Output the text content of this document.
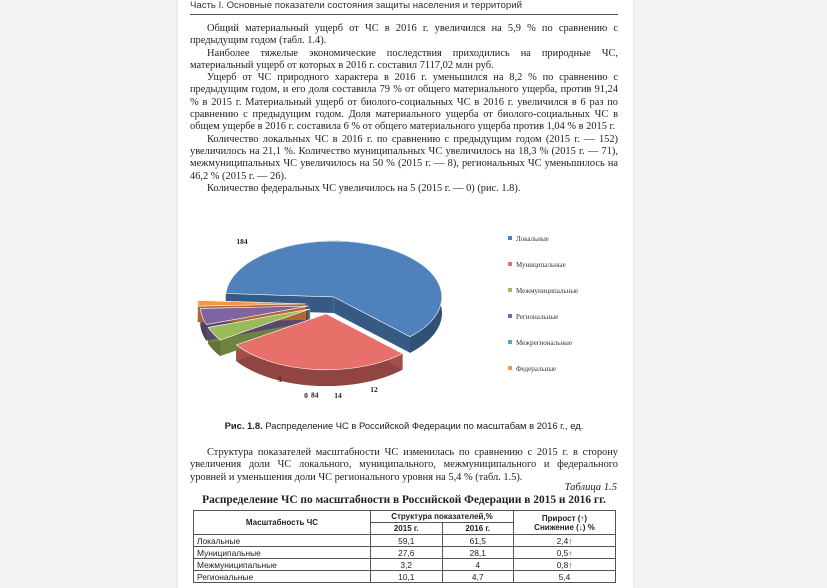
Часть I. Основные показатели состояния защиты населения и территорий

Общий материальный ущерб от ЧС в 2016 г. увеличился на 5,9 % по сравнению с предыдущим годом (табл. 1.4).

Наиболее тяжелые экономические последствия приходились на природные ЧС, материальный ущерб от которых в 2016 г. составил 7117,02 млн руб.

Ущерб от ЧС природного характера в 2016 г. уменьшился на 8,2 % по сравнению с предыдущим годом, и его доля составила 79 % от общего материального ущерба, против 91,24 % в 2015 г. Материальный ущерб от биолого-социальных ЧС в 2016 г. увеличился в 6 раз по сравнению с предыдущим годом. Доля материального ущерба от биолого-социальных ЧС в общем ущербе в 2016 г. составила 6 % от общего материального ущерба против 1,04 % в 2015 г.

Количество локальных ЧС в 2016 г. по сравнению с предыдущим годом (2015 г. — 152) увеличилось на 21,1 %. Количество муниципальных ЧС увеличилось на 18,3 % (2015 г. — 71), межмуниципальных ЧС увеличилось на 50 % (2015 г. — 8), региональных ЧС уменьшилось на 46,2 % (2015 г. — 26).

Количество федеральных ЧС увеличилось на 5 (2015 г. — 0) (рис. 1.8).

184
84
12
14
0
5
Локальные
Муниципальные
Межмуниципальные
Региональные
Межрегиональные
Федеральные
Рис. 1.8. Распределение ЧС в Российской Федерации по масштабам в 2016 г., ед.

Структура показателей масштабности ЧС изменилась по сравнению с 2015 г. в сторону увеличения доли ЧС локального, муниципального, межмуниципального и федерального уровней и уменьшения доли ЧС регионального уровня на 5,4 % (табл. 1.5).

Таблица 1.5
Распределение ЧС по масштабности в Российской Федерации в 2015 и 2016 гг.
Масштабность ЧС	Структура показателей,%		Прирост (↑)
Снижение (↓) %
	2015 г.	2016 г.	
Локальные	59,1	61,5	2,4↑
Муниципальные	27,6	28,1	0,5↑
Межмуниципальные	3,2	4	0,8↑
Региональные	10,1	4,7	5,4
